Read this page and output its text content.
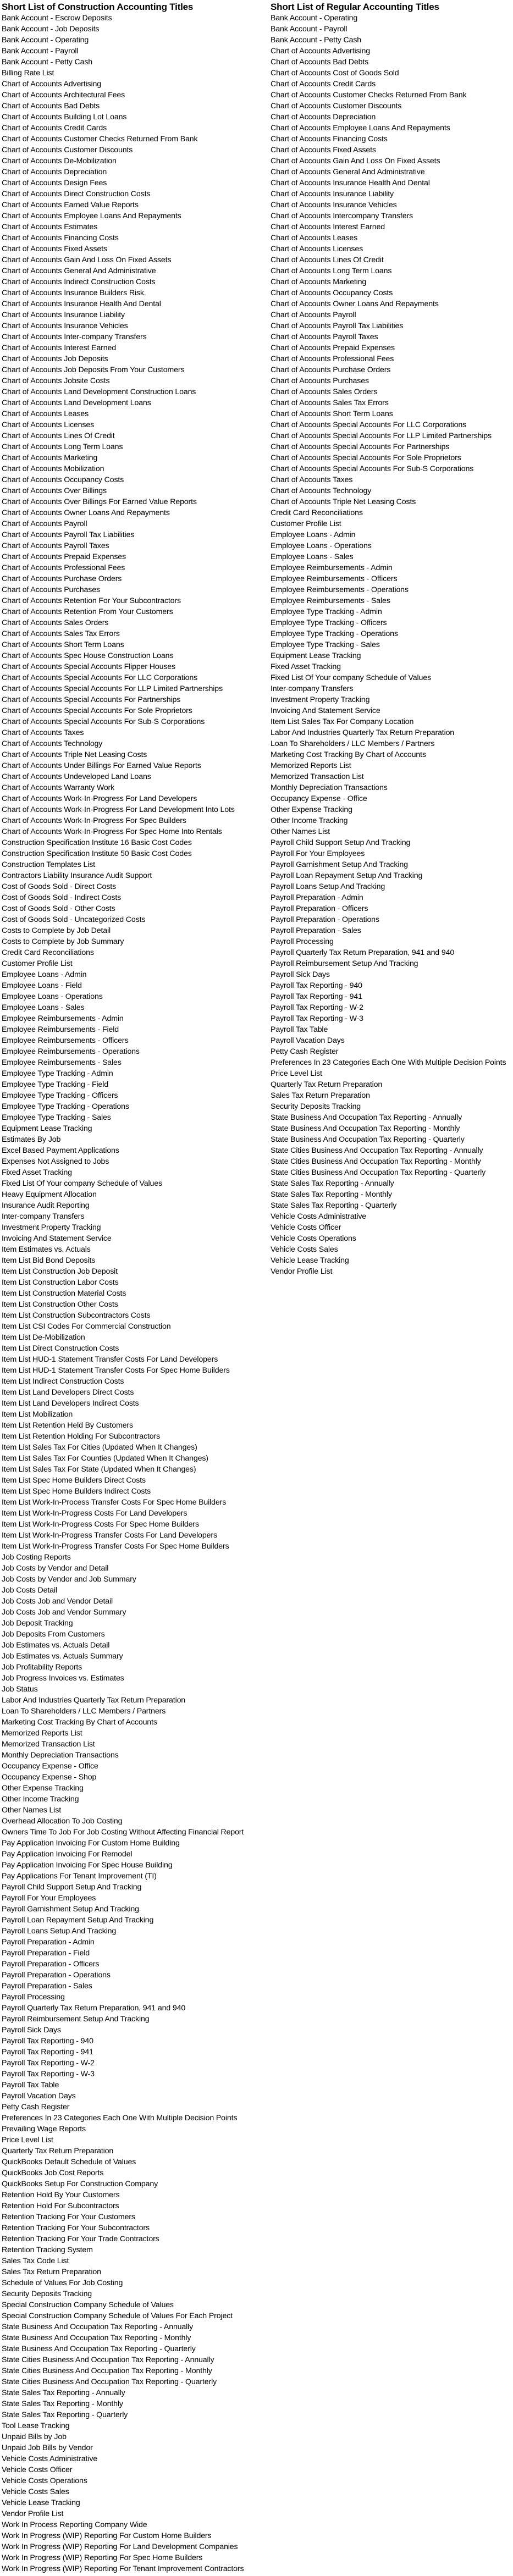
Short List of Construction Accounting Titles
Bank Account - Escrow Deposits
Bank Account - Job Deposits
Bank Account - Operating
Bank Account - Payroll
Bank Account - Petty Cash
Billing Rate List
Chart of Accounts Advertising
Chart of Accounts Architectural Fees
Chart of Accounts Bad Debts
Chart of Accounts Building Lot Loans
Chart of Accounts Credit Cards
Chart of Accounts Customer Checks Returned From Bank
Chart of Accounts Customer Discounts
Chart of Accounts De-Mobilization
Chart of Accounts Depreciation
Chart of Accounts Design Fees
Chart of Accounts Direct Construction Costs
Chart of Accounts Earned Value Reports
Chart of Accounts Employee Loans And Repayments
Chart of Accounts Estimates
Chart of Accounts Financing Costs
Chart of Accounts Fixed Assets
Chart of Accounts Gain And Loss On Fixed Assets
Chart of Accounts General And Administrative
Chart of Accounts Indirect Construction Costs
Chart of Accounts Insurance Builders Risk.
Chart of Accounts Insurance Health And Dental
Chart of Accounts Insurance Liability
Chart of Accounts Insurance Vehicles
Chart of Accounts Inter-company Transfers
Chart of Accounts Interest Earned
Chart of Accounts Job Deposits
Chart of Accounts Job Deposits From Your Customers
Chart of Accounts Jobsite Costs
Chart of Accounts Land Development Construction Loans
Chart of Accounts Land Development Loans
Chart of Accounts Leases
Chart of Accounts Licenses
Chart of Accounts Lines Of Credit
Chart of Accounts Long Term Loans
Chart of Accounts Marketing
Chart of Accounts Mobilization
Chart of Accounts Occupancy Costs
Chart of Accounts Over Billings
Chart of Accounts Over Billings For Earned Value Reports
Chart of Accounts Owner Loans And Repayments
Chart of Accounts Payroll
Chart of Accounts Payroll Tax Liabilities
Chart of Accounts Payroll Taxes
Chart of Accounts Prepaid Expenses
Chart of Accounts Professional Fees
Chart of Accounts Purchase Orders
Chart of Accounts Purchases
Chart of Accounts Retention For Your Subcontractors
Chart of Accounts Retention From Your Customers
Chart of Accounts Sales Orders
Chart of Accounts Sales Tax Errors
Chart of Accounts Short Term Loans
Chart of Accounts Spec House Construction Loans
Chart of Accounts Special Accounts Flipper Houses
Chart of Accounts Special Accounts For LLC Corporations
Chart of Accounts Special Accounts For LLP Limited Partnerships
Chart of Accounts Special Accounts For Partnerships
Chart of Accounts Special Accounts For Sole Proprietors
Chart of Accounts Special Accounts For Sub-S Corporations
Chart of Accounts Taxes
Chart of Accounts Technology
Chart of Accounts Triple Net Leasing Costs
Chart of Accounts Under Billings For Earned Value Reports
Chart of Accounts Undeveloped Land Loans
Chart of Accounts Warranty Work
Chart of Accounts Work-In-Progress For Land Developers
Chart of Accounts Work-In-Progress For Land Development Into Lots
Chart of Accounts Work-In-Progress For Spec Builders
Chart of Accounts Work-In-Progress For Spec Home Into Rentals
Construction Specification Institute 16 Basic Cost Codes
Construction Specification Institute 50 Basic Cost Codes
Construction Templates List
Contractors Liability Insurance Audit Support
Cost of Goods Sold - Direct Costs
Cost of Goods Sold - Indirect Costs
Cost of Goods Sold - Other Costs
Cost of Goods Sold - Uncategorized Costs
Costs to Complete by Job Detail
Costs to Complete by Job Summary
Credit Card Reconciliations
Customer Profile List
Employee Loans - Admin
Employee Loans - Field
Employee Loans - Operations
Employee Loans - Sales
Employee Reimbursements - Admin
Employee Reimbursements - Field
Employee Reimbursements - Officers
Employee Reimbursements - Operations
Employee Reimbursements - Sales
Employee Type Tracking - Admin
Employee Type Tracking - Field
Employee Type Tracking - Officers
Employee Type Tracking - Operations
Employee Type Tracking - Sales
Equipment Lease Tracking
Estimates By Job
Excel Based Payment Applications
Expenses Not Assigned to Jobs
Fixed Asset Tracking
Fixed List Of Your company Schedule of Values
Heavy Equipment Allocation
Insurance Audit Reporting
Inter-company Transfers
Investment Property Tracking
Invoicing And Statement Service
Item Estimates vs. Actuals
Item List Bid Bond Deposits
Item List Construction Job Deposit
Item List Construction Labor Costs
Item List Construction Material Costs
Item List Construction Other Costs
Item List Construction Subcontractors Costs
Item List CSI Codes For Commercial Construction
Item List De-Mobilization
Item List Direct Construction Costs
Item List HUD-1 Statement Transfer Costs For Land Developers
Item List HUD-1 Statement Transfer Costs For Spec Home Builders
Item List Indirect Construction Costs
Item List Land Developers Direct Costs
Item List Land Developers Indirect Costs
Item List Mobilization
Item List Retention Held By Customers
Item List Retention Holding For Subcontractors
Item List Sales Tax For Cities (Updated When It Changes)
Item List Sales Tax For Counties (Updated When It Changes)
Item List Sales Tax For State (Updated When It Changes)
Item List Spec Home Builders Direct Costs
Item List Spec Home Builders Indirect Costs
Item List Work-In-Process Transfer Costs For Spec Home Builders
Item List Work-In-Progress Costs For Land Developers
Item List Work-In-Progress Costs For Spec Home Builders
Item List Work-In-Progress Transfer Costs For Land Developers
Item List Work-In-Progress Transfer Costs For Spec Home Builders
Job Costing Reports
Job Costs by Vendor and Detail
Job Costs by Vendor and Job Summary
Job Costs Detail
Job Costs Job and Vendor Detail
Job Costs Job and Vendor Summary
Job Deposit Tracking
Job Deposits From Customers
Job Estimates vs. Actuals Detail
Job Estimates vs. Actuals Summary
Job Profitability Reports
Job Progress Invoices vs. Estimates
Job Status
Labor And Industries Quarterly Tax Return Preparation
Loan To Shareholders / LLC Members / Partners
Marketing Cost Tracking By Chart of Accounts
Memorized Reports List
Memorized Transaction List
Monthly Depreciation Transactions
Occupancy Expense - Office
Occupancy Expense - Shop
Other Expense Tracking
Other Income Tracking
Other Names List
Overhead Allocation To Job Costing
Owners Time To Job For Job Costing Without Affecting Financial Report
Pay Application Invoicing For Custom Home Building
Pay Application Invoicing For Remodel
Pay Application Invoicing For Spec House Building
Pay Applications For Tenant Improvement (TI)
Payroll Child Support Setup And Tracking
Payroll For Your Employees
Payroll Garnishment Setup And Tracking
Payroll Loan Repayment Setup And Tracking
Payroll Loans Setup And Tracking
Payroll Preparation - Admin
Payroll Preparation - Field
Payroll Preparation - Officers
Payroll Preparation - Operations
Payroll Preparation - Sales
Payroll Processing
Payroll Quarterly Tax Return Preparation, 941 and 940
Payroll Reimbursement Setup And Tracking
Payroll Sick Days
Payroll Tax Reporting - 940
Payroll Tax Reporting - 941
Payroll Tax Reporting - W-2
Payroll Tax Reporting - W-3
Payroll Tax Table
Payroll Vacation Days
Petty Cash Register
Preferences In 23 Categories Each One With Multiple Decision Points
Prevailing Wage Reports
Price Level List
Quarterly Tax Return Preparation
QuickBooks Default Schedule of Values
QuickBooks Job Cost Reports
QuickBooks Setup For Construction Company
Retention Hold By Your Customers
Retention Hold For Subcontractors
Retention Tracking For Your Customers
Retention Tracking For Your Subcontractors
Retention Tracking For Your Trade Contractors
Retention Tracking System
Sales Tax Code List
Sales Tax Return Preparation
Schedule of Values For Job Costing
Security Deposits Tracking
Special Construction Company Schedule of Values
Special Construction Company Schedule of Values For Each Project
State Business And Occupation Tax Reporting - Annually
State Business And Occupation Tax Reporting - Monthly
State Business And Occupation Tax Reporting - Quarterly
State Cities Business And Occupation Tax Reporting - Annually
State Cities Business And Occupation Tax Reporting - Monthly
State Cities Business And Occupation Tax Reporting - Quarterly
State Sales Tax Reporting - Annually
State Sales Tax Reporting - Monthly
State Sales Tax Reporting - Quarterly
Tool Lease Tracking
Unpaid Bills by Job
Unpaid Job Bills by Vendor
Vehicle Costs Administrative
Vehicle Costs Officer
Vehicle Costs Operations
Vehicle Costs Sales
Vehicle Lease Tracking
Vendor Profile List
Work In Process Reporting Company Wide
Work In Progress (WIP) Reporting For Custom Home Builders
Work In Progress (WIP) Reporting For Land Development Companies
Work In Progress (WIP) Reporting For Spec Home Builders
Work In Progress (WIP) Reporting For Tenant Improvement Contractors
Short List of Regular Accounting Titles
Bank Account - Operating
Bank Account - Payroll
Bank Account - Petty Cash
Chart of Accounts Advertising
Chart of Accounts Bad Debts
Chart of Accounts Cost of Goods Sold
Chart of Accounts Credit Cards
Chart of Accounts Customer Checks Returned From Bank
Chart of Accounts Customer Discounts
Chart of Accounts Depreciation
Chart of Accounts Employee Loans And Repayments
Chart of Accounts Financing Costs
Chart of Accounts Fixed Assets
Chart of Accounts Gain And Loss On Fixed Assets
Chart of Accounts General And Administrative
Chart of Accounts Insurance Health And Dental
Chart of Accounts Insurance Liability
Chart of Accounts Insurance Vehicles
Chart of Accounts Intercompany Transfers
Chart of Accounts Interest Earned
Chart of Accounts Leases
Chart of Accounts Licenses
Chart of Accounts Lines Of Credit
Chart of Accounts Long Term Loans
Chart of Accounts Marketing
Chart of Accounts Occupancy Costs
Chart of Accounts Owner Loans And Repayments
Chart of Accounts Payroll
Chart of Accounts Payroll Tax Liabilities
Chart of Accounts Payroll Taxes
Chart of Accounts Prepaid Expenses
Chart of Accounts Professional Fees
Chart of Accounts Purchase Orders
Chart of Accounts Purchases
Chart of Accounts Sales Orders
Chart of Accounts Sales Tax Errors
Chart of Accounts Short Term Loans
Chart of Accounts Special Accounts For LLC Corporations
Chart of Accounts Special Accounts For LLP Limited Partnerships
Chart of Accounts Special Accounts For Partnerships
Chart of Accounts Special Accounts For Sole Proprietors
Chart of Accounts Special Accounts For Sub-S Corporations
Chart of Accounts Taxes
Chart of Accounts Technology
Chart of Accounts Triple Net Leasing Costs
Credit Card Reconciliations
Customer Profile List
Employee Loans - Admin
Employee Loans - Operations
Employee Loans - Sales
Employee Reimbursements - Admin
Employee Reimbursements - Officers
Employee Reimbursements - Operations
Employee Reimbursements - Sales
Employee Type Tracking - Admin
Employee Type Tracking - Officers
Employee Type Tracking - Operations
Employee Type Tracking - Sales
Equipment Lease Tracking
Fixed Asset Tracking
Fixed List Of Your company Schedule of Values
Inter-company Transfers
Investment Property Tracking
Invoicing And Statement Service
Item List Sales Tax For Company Location
Labor And Industries Quarterly Tax Return Preparation
Loan To Shareholders / LLC Members / Partners
Marketing Cost Tracking By Chart of Accounts
Memorized Reports List
Memorized Transaction List
Monthly Depreciation Transactions
Occupancy Expense - Office
Other Expense Tracking
Other Income Tracking
Other Names List
Payroll Child Support Setup And Tracking
Payroll For Your Employees
Payroll Garnishment Setup And Tracking
Payroll Loan Repayment Setup And Tracking
Payroll Loans Setup And Tracking
Payroll Preparation - Admin
Payroll Preparation - Officers
Payroll Preparation - Operations
Payroll Preparation - Sales
Payroll Processing
Payroll Quarterly Tax Return Preparation, 941 and 940
Payroll Reimbursement Setup And Tracking
Payroll Sick Days
Payroll Tax Reporting - 940
Payroll Tax Reporting - 941
Payroll Tax Reporting - W-2
Payroll Tax Reporting - W-3
Payroll Tax Table
Payroll Vacation Days
Petty Cash Register
Preferences In 23 Categories Each One With Multiple Decision Points
Price Level List
Quarterly Tax Return Preparation
Sales Tax Return Preparation
Security Deposits Tracking
State Business And Occupation Tax Reporting - Annually
State Business And Occupation Tax Reporting - Monthly
State Business And Occupation Tax Reporting - Quarterly
State Cities Business And Occupation Tax Reporting - Annually
State Cities Business And Occupation Tax Reporting - Monthly
State Cities Business And Occupation Tax Reporting - Quarterly
State Sales Tax Reporting - Annually
State Sales Tax Reporting - Monthly
State Sales Tax Reporting - Quarterly
Vehicle Costs Administrative
Vehicle Costs Officer
Vehicle Costs Operations
Vehicle Costs Sales
Vehicle Lease Tracking
Vendor Profile List
